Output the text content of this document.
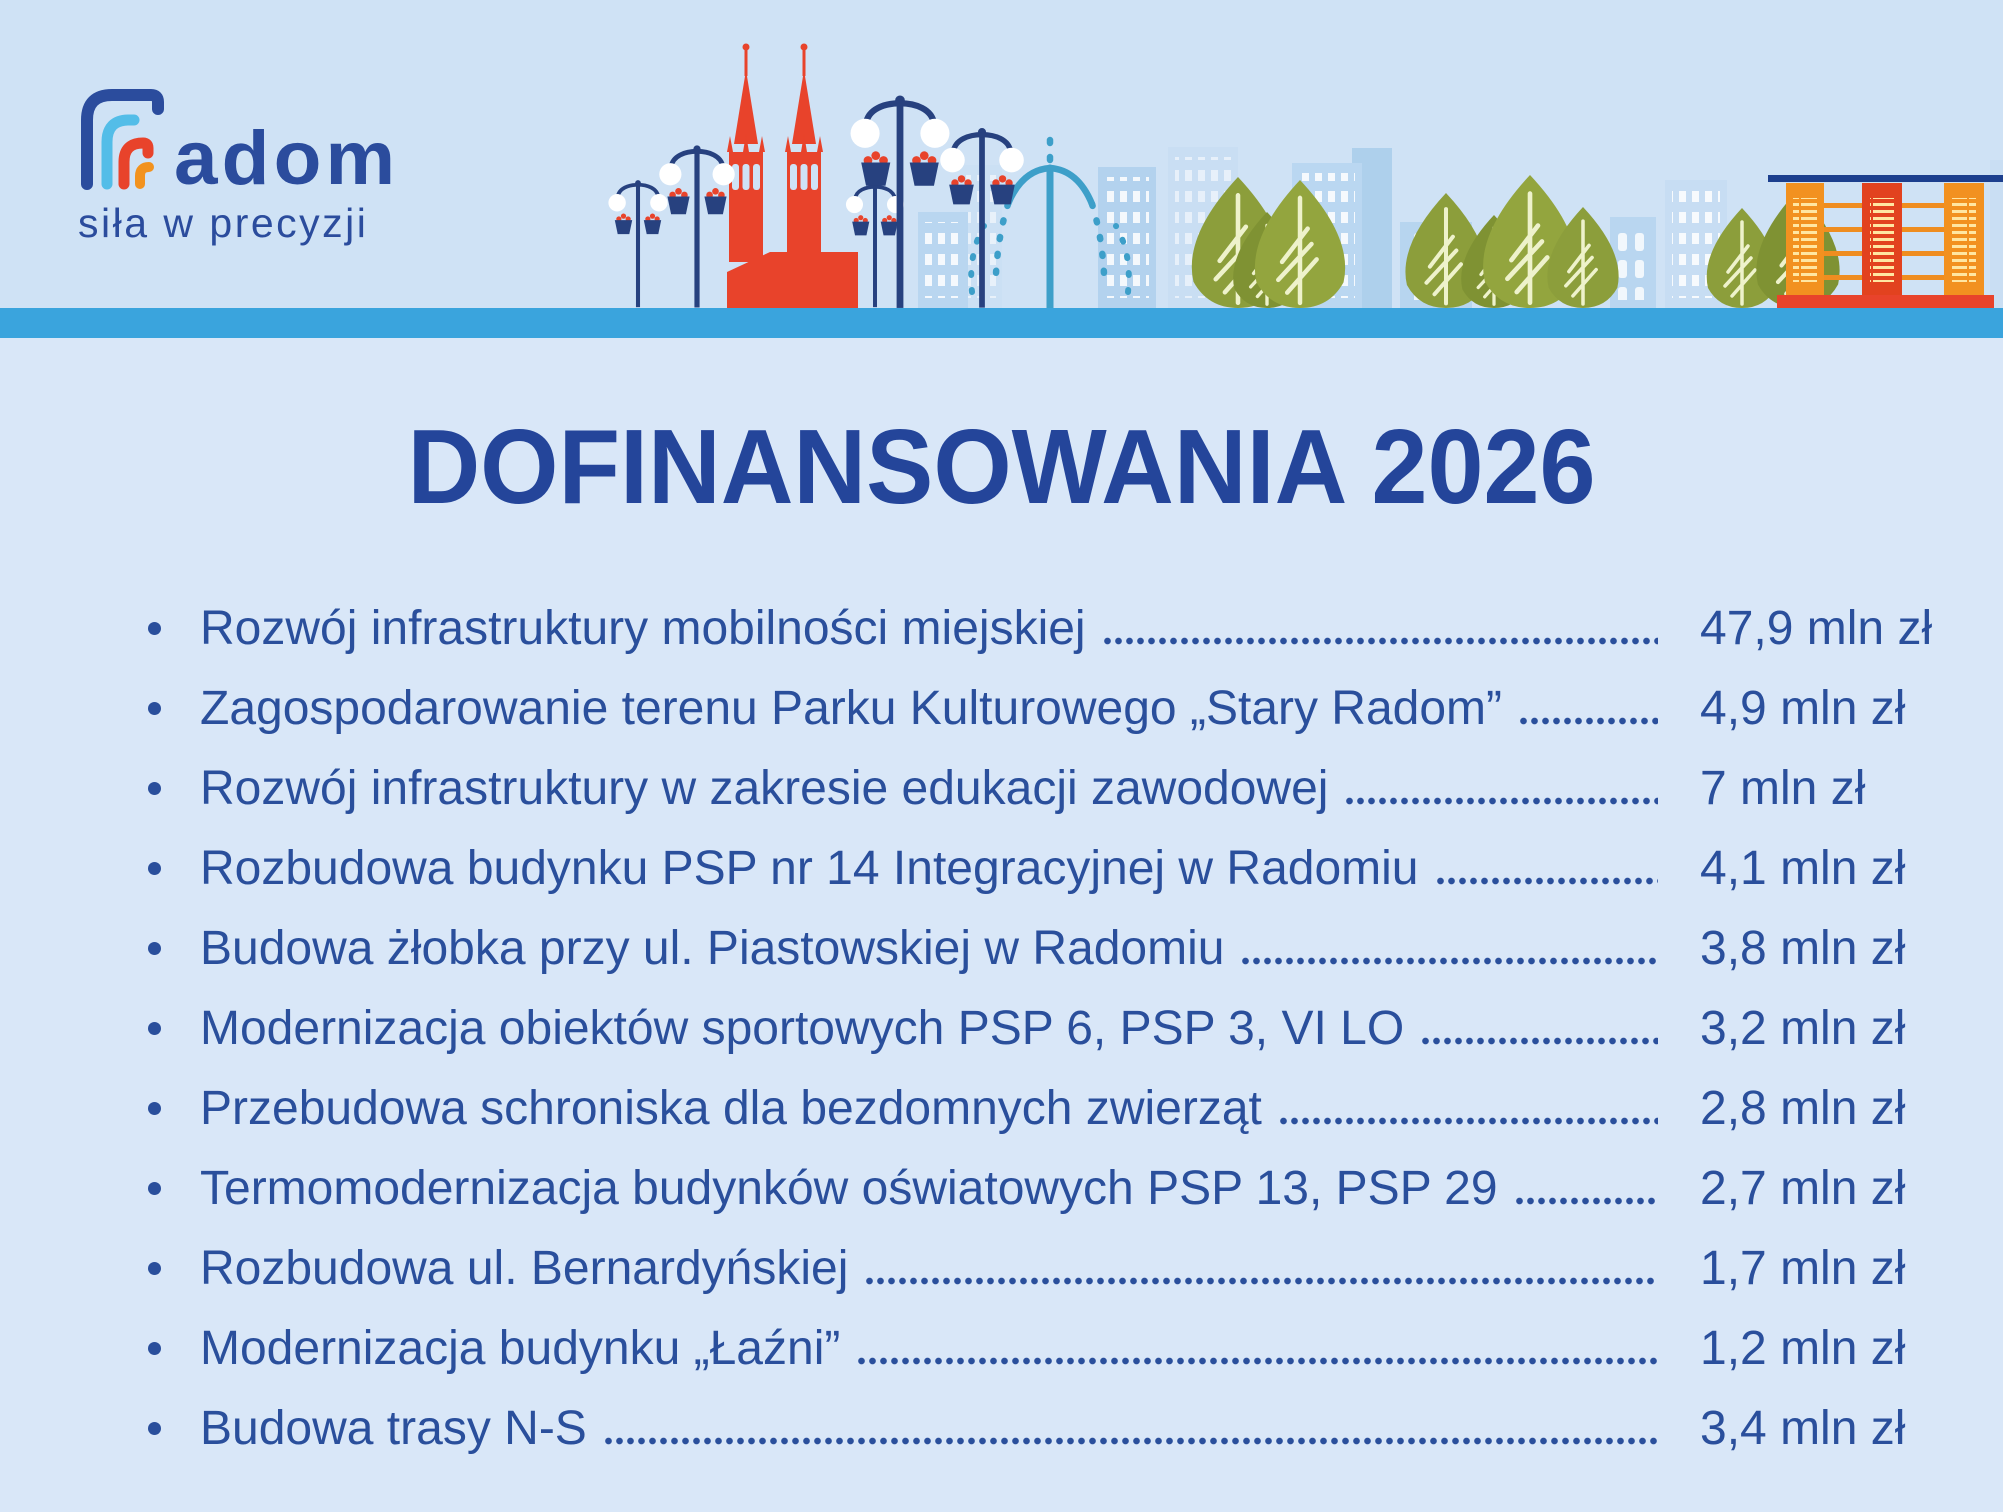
adom
siła w precyzji
DOFINANSOWANIA 2026
Rozwój infrastruktury mobilności miejskiej	47,9 mln zł
Zagospodarowanie terenu Parku Kulturowego „Stary Radom”	4,9 mln zł
Rozwój infrastruktury w zakresie edukacji zawodowej	7 mln zł
Rozbudowa budynku PSP nr 14 Integracyjnej w Radomiu	4,1 mln zł
Budowa żłobka przy ul. Piastowskiej w Radomiu	3,8 mln zł
Modernizacja obiektów sportowych PSP 6, PSP 3, VI LO	3,2 mln zł
Przebudowa schroniska dla bezdomnych zwierząt	2,8 mln zł
Termomodernizacja budynków oświatowych PSP 13, PSP 29	2,7 mln zł
Rozbudowa ul. Bernardyńskiej	1,7 mln zł
Modernizacja budynku „Łaźni”	1,2 mln zł
Budowa trasy N-S	3,4 mln zł
